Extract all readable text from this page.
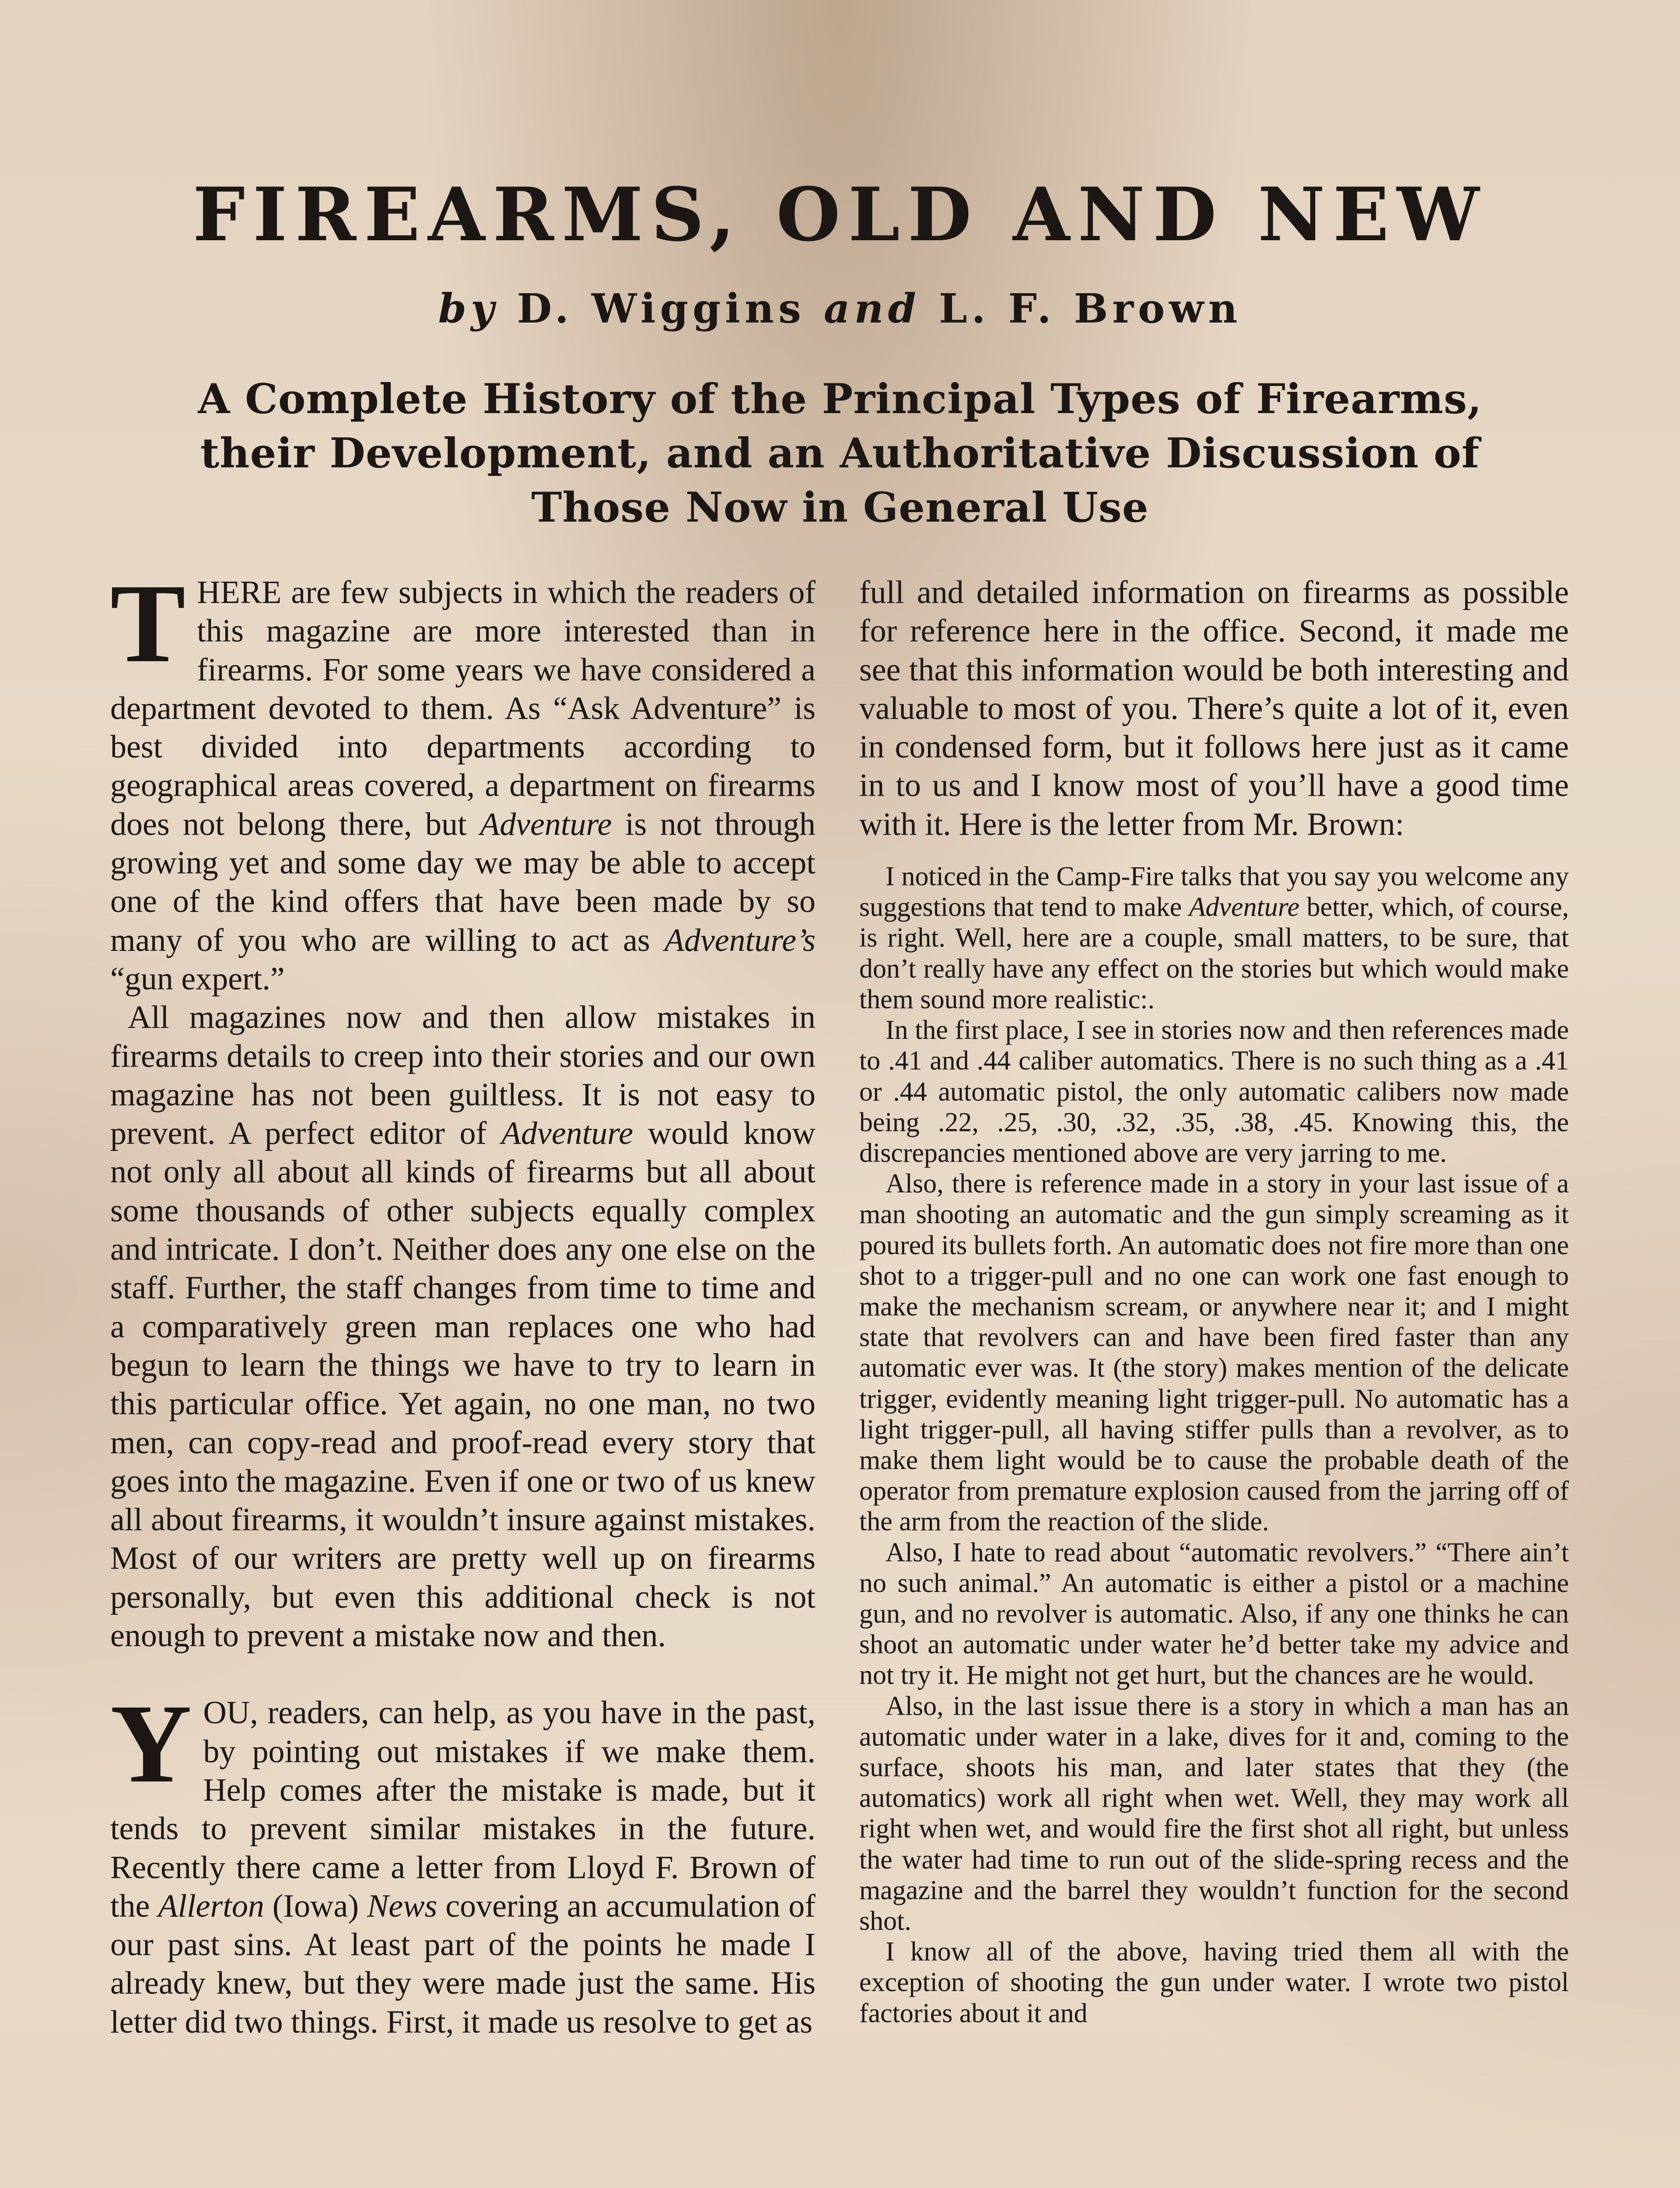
FIREARMS, OLD AND NEW
by D. Wiggins and L. F. Brown
A Complete History of the Principal Types of Firearms,
their Development, and an Authoritative Discussion of
Those Now in General Use

THERE are few subjects in which the readers of this magazine are more interested than in firearms. For some years we have considered a department devoted to them. As “Ask Adventure” is best divided into departments according to geographical areas covered, a department on firearms does not belong there, but Adventure is not through growing yet and some day we may be able to accept one of the kind offers that have been made by so many of you who are willing to act as Adventure’s “gun expert.”

All magazines now and then allow mistakes in firearms details to creep into their stories and our own magazine has not been guiltless. It is not easy to prevent. A perfect editor of Adventure would know not only all about all kinds of firearms but all about some thousands of other subjects equally complex and intricate. I don’t. Neither does any one else on the staff. Further, the staff changes from time to time and a comparatively green man replaces one who had begun to learn the things we have to try to learn in this particular office. Yet again, no one man, no two men, can copy-read and proof-read every story that goes into the magazine. Even if one or two of us knew all about firearms, it wouldn’t insure against mistakes. Most of our writers are pretty well up on firearms personally, but even this additional check is not enough to prevent a mistake now and then.

YOU, readers, can help, as you have in the past, by pointing out mistakes if we make them. Help comes after the mistake is made, but it tends to prevent similar mistakes in the future. Recently there came a letter from Lloyd F. Brown of the Allerton (Iowa) News covering an accumulation of our past sins. At least part of the points he made I already knew, but they were made just the same. His letter did two things. First, it made us resolve to get as

full and detailed information on firearms as possible for reference here in the office. Second, it made me see that this information would be both interesting and valuable to most of you. There’s quite a lot of it, even in condensed form, but it follows here just as it came in to us and I know most of you’ll have a good time with it. Here is the letter from Mr. Brown:

I noticed in the Camp-Fire talks that you say you welcome any suggestions that tend to make Adventure better, which, of course, is right. Well, here are a couple, small matters, to be sure, that don’t really have any effect on the stories but which would make them sound more realistic:.

In the first place, I see in stories now and then references made to .41 and .44 caliber automatics. There is no such thing as a .41 or .44 automatic pistol, the only automatic calibers now made being .22, .25, .30, .32, .35, .38, .45. Knowing this, the discrepancies mentioned above are very jarring to me.

Also, there is reference made in a story in your last issue of a man shooting an automatic and the gun simply screaming as it poured its bullets forth. An automatic does not fire more than one shot to a trigger-pull and no one can work one fast enough to make the mechanism scream, or anywhere near it; and I might state that revolvers can and have been fired faster than any automatic ever was. It (the story) makes mention of the delicate trigger, evidently meaning light trigger-pull. No automatic has a light trigger-pull, all having stiffer pulls than a revolver, as to make them light would be to cause the probable death of the operator from premature explosion caused from the jarring off of the arm from the reaction of the slide.

Also, I hate to read about “automatic revolvers.” “There ain’t no such animal.” An automatic is either a pistol or a machine gun, and no revolver is automatic. Also, if any one thinks he can shoot an automatic under water he’d better take my advice and not try it. He might not get hurt, but the chances are he would.

Also, in the last issue there is a story in which a man has an automatic under water in a lake, dives for it and, coming to the surface, shoots his man, and later states that they (the automatics) work all right when wet. Well, they may work all right when wet, and would fire the first shot all right, but unless the water had time to run out of the slide-spring recess and the magazine and the barrel they wouldn’t function for the second shot.

I know all of the above, having tried them all with the exception of shooting the gun under water. I wrote two pistol factories about it and
